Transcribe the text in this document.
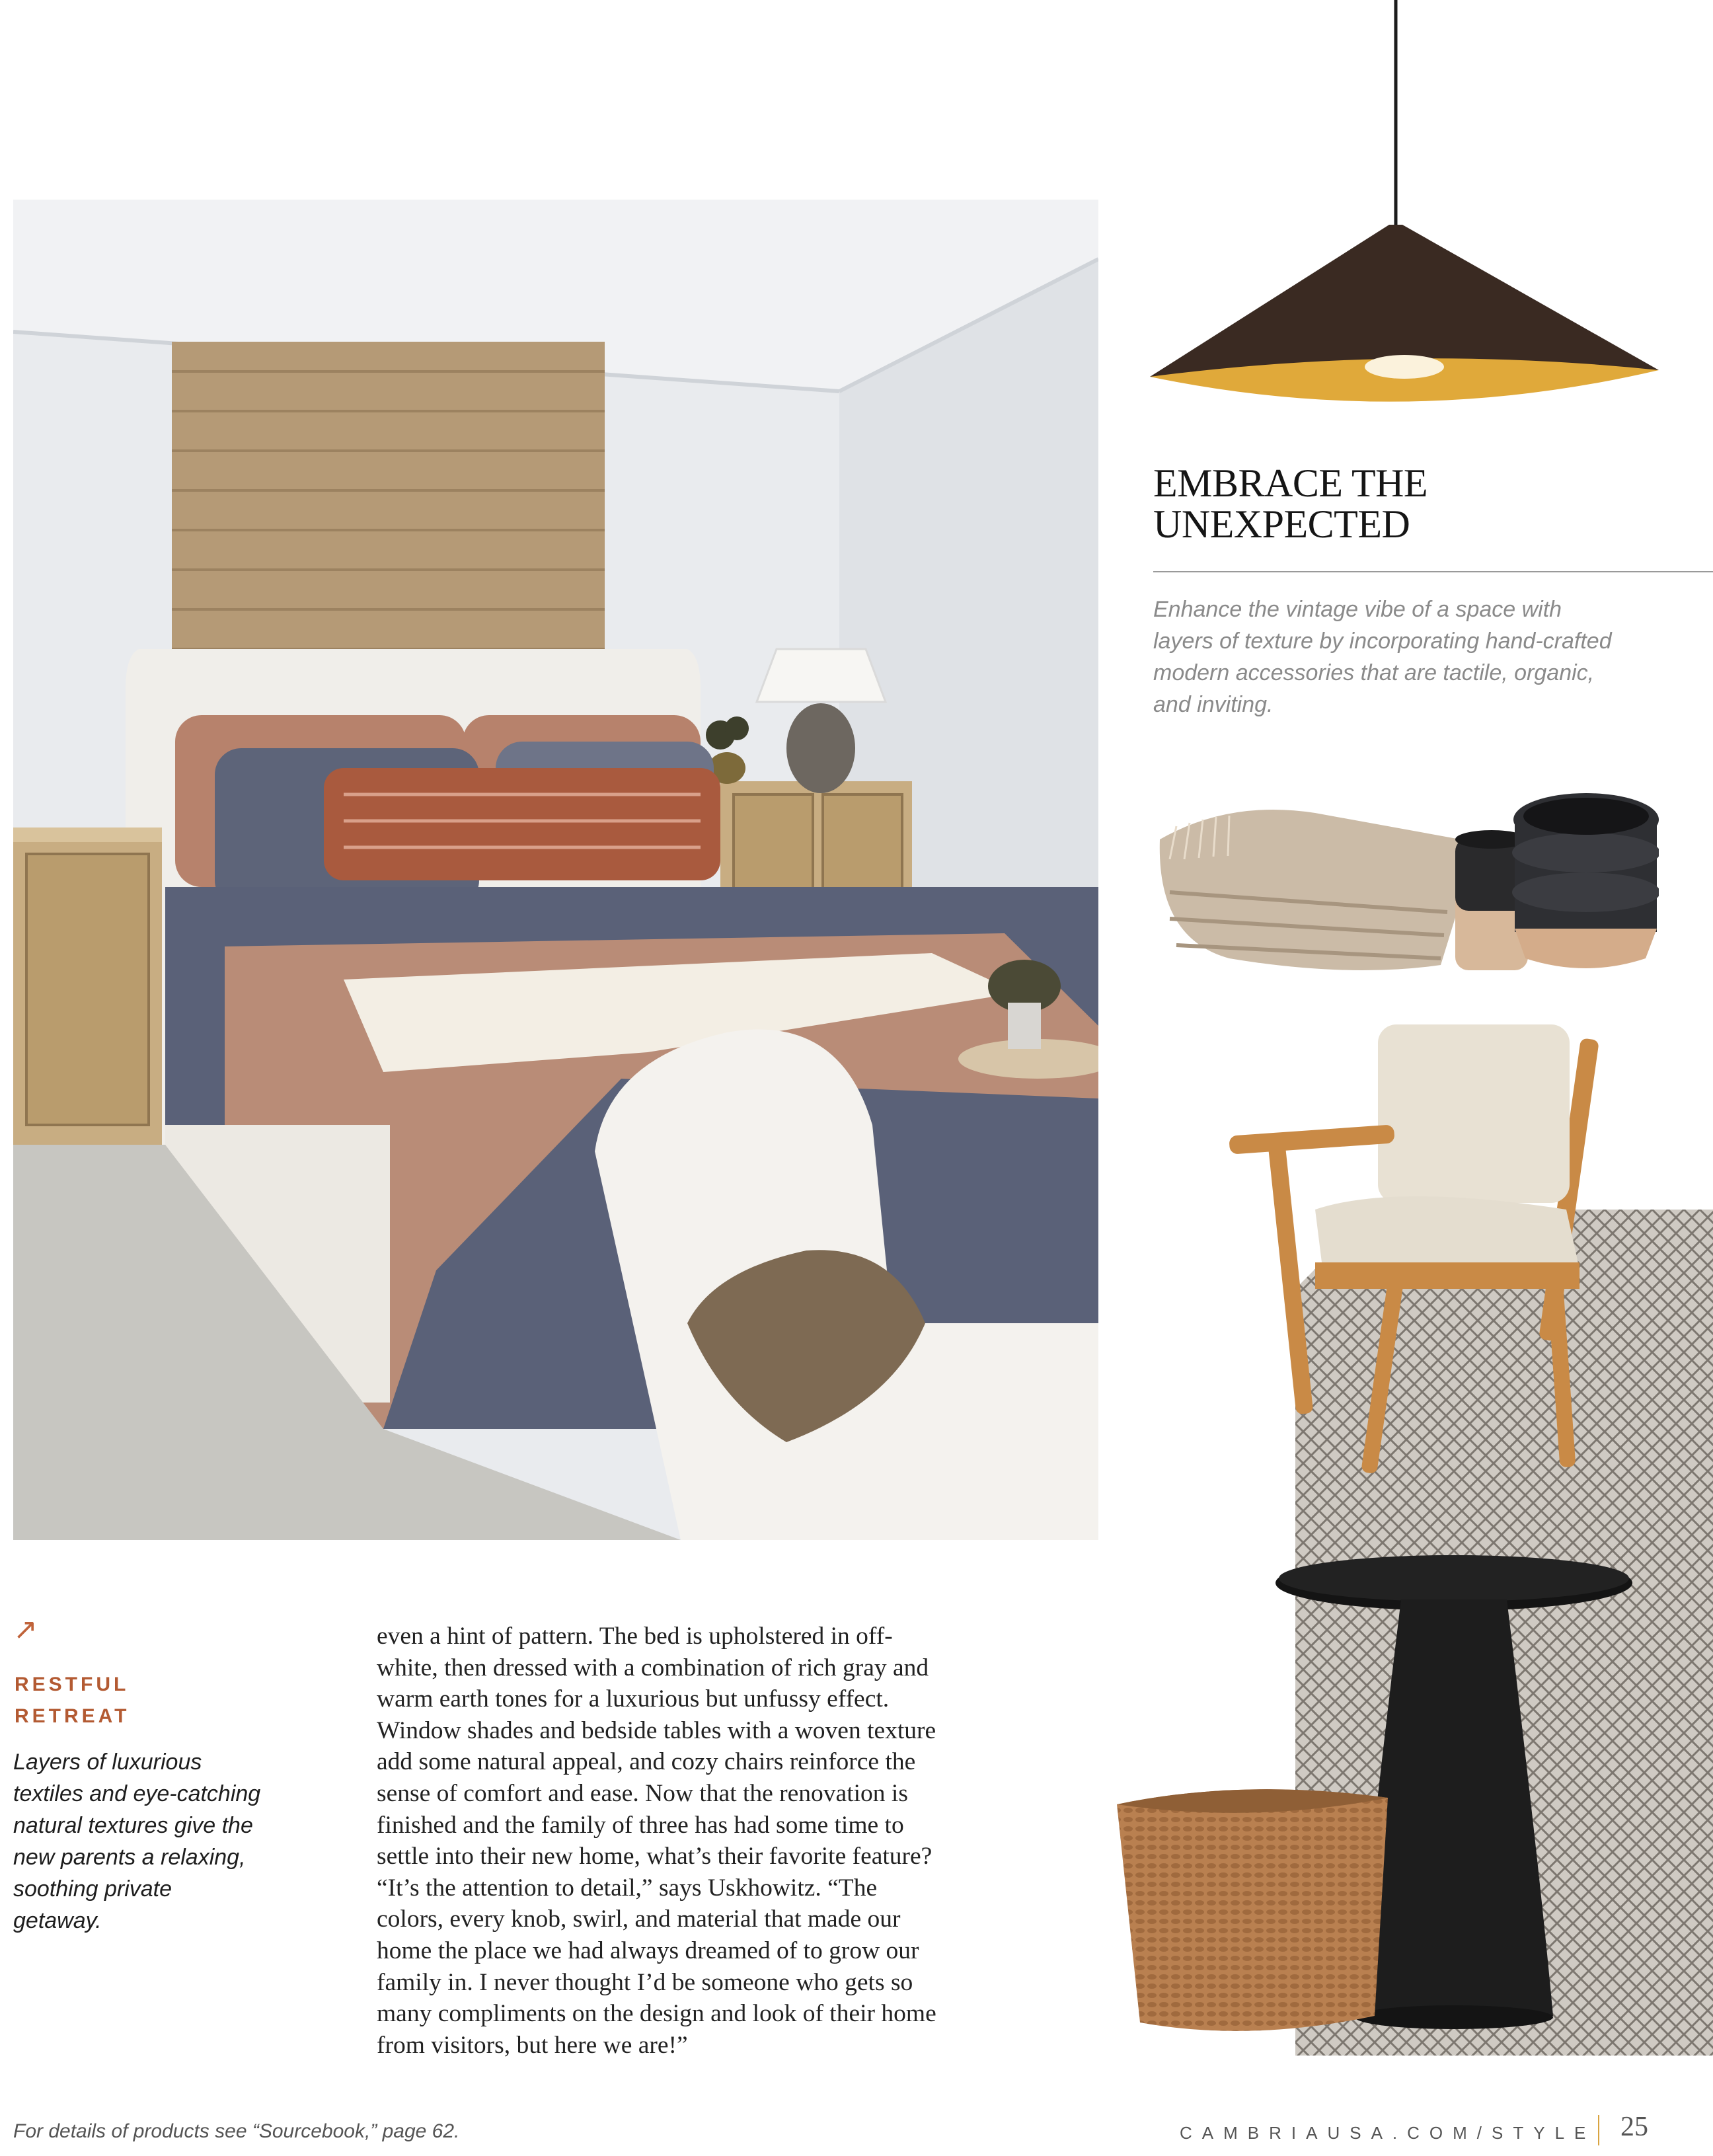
↗
RESTFUL
RETREAT
Layers of luxurious textiles and eye-catching natural textures give the new parents a relaxing, soothing private getaway.
even a hint of pattern. The bed is upholstered in off-
white, then dressed with a combination of rich gray and
warm earth tones for a luxurious but unfussy effect.
Window shades and bedside tables with a woven texture
add some natural appeal, and cozy chairs reinforce the
sense of comfort and ease. Now that the renovation is
finished and the family of three has had some time to
settle into their new home, what’s their favorite feature?
“It’s the attention to detail,” says Uskhowitz. “The
colors, every knob, swirl, and material that made our
home the place we had always dreamed of to grow our
family in. I never thought I’d be someone who gets so
many compliments on the design and look of their home
from visitors, but here we are!”
EMBRACE THE
UNEXPECTED
Enhance the vintage vibe of a space with layers of texture by incorporating hand-crafted modern accessories that are tactile, organic, and inviting.
For details of products see “Sourcebook,” page 62.	CAMBRIAUSA.COM/STYLE 25
